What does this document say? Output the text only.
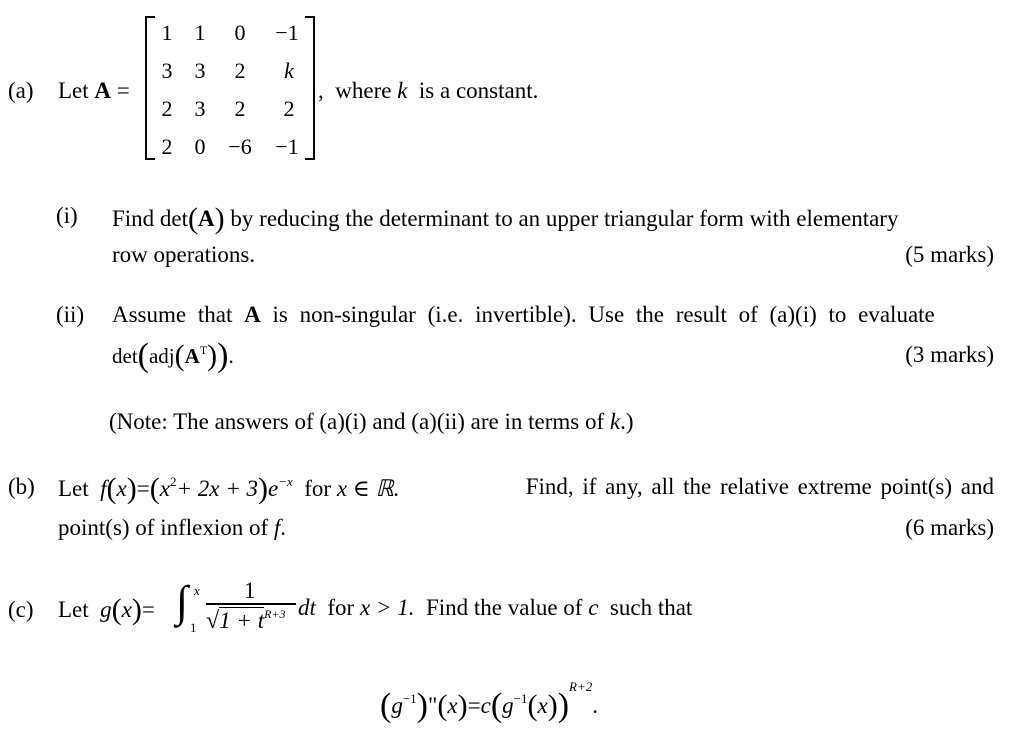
(a) Let A =
1	1	0	−1
3	3	2	k
2	3	2	2
2	0	−6	−1
, where k is a constant.
(i) Find det(A) by reducing the determinant to an upper triangular form with elementary
row operations.	(5 marks)
(ii) Assume that A is non-singular (i.e. invertible). Use the result of (a)(i) to evaluate
$\det(adj(A^T))$.	(3 marks)
(Note: The answers of (a)(i) and (a)(ii) are in terms of k.)
(b) Let $f(x)=(x^2+ 2x + 3)e^{-x}$ for x ∈ ℝ.	Find, if any, all the relative extreme point(s) and
point(s) of inflexion of f.	(6 marks)
(c) Let g(x)= ∫ x
1
1
$√1 + t^{R+3}$ dt for x > 1. Find the value of c such that
$(g^{-1})"(x)=c(g^{-1}(x))^{R+2}$.
